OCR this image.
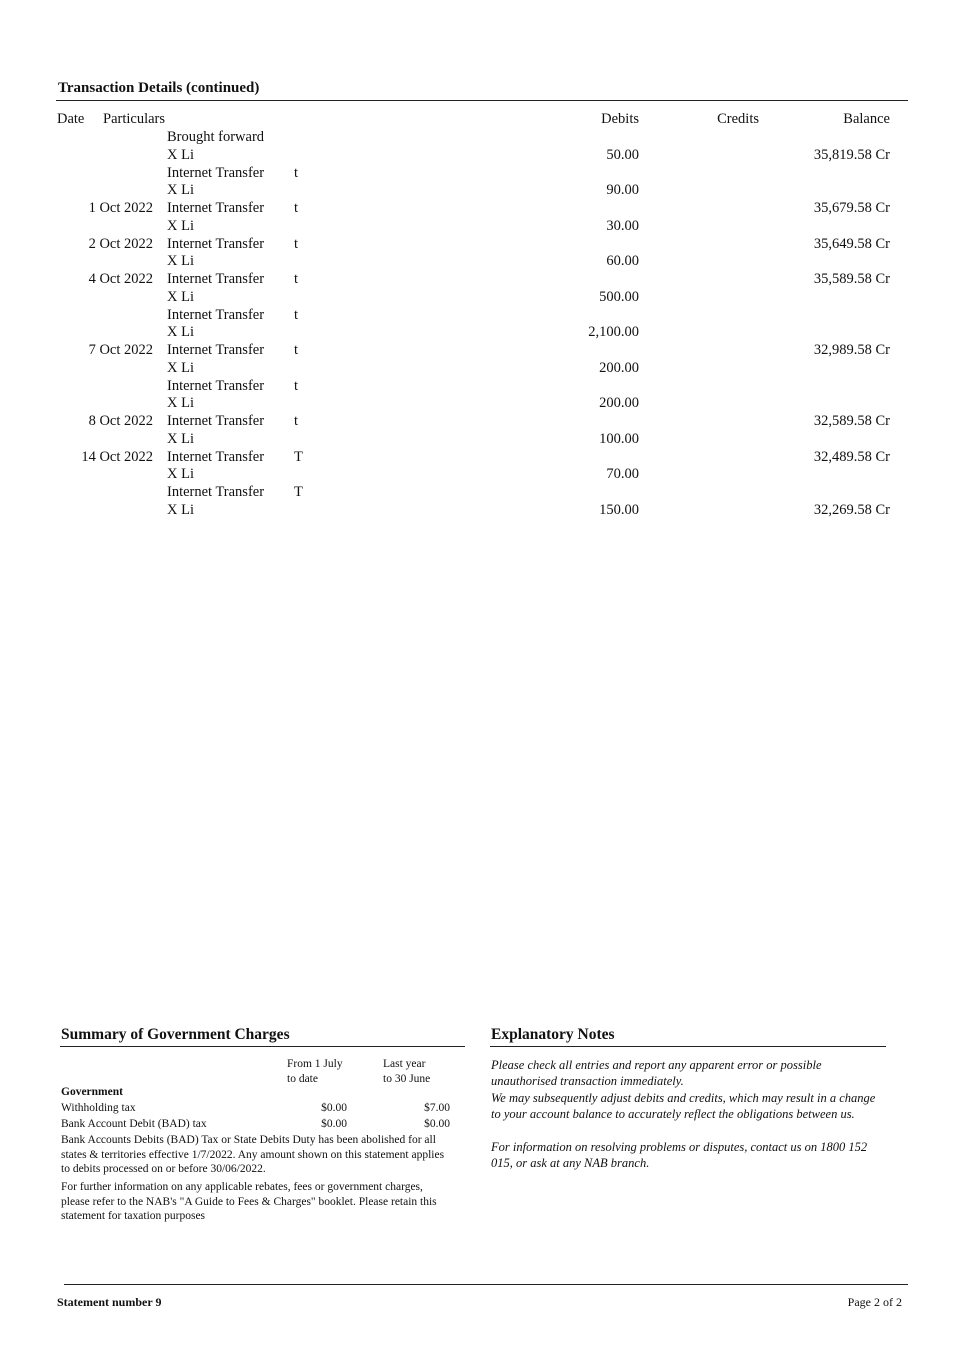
Transaction Details (continued)
Date Particulars	Debits	Credits	Balance
Brought forward
X Li	50.00	35,819.58 Cr
Internet Transfer t
X Li	90.00
1 Oct 2022 Internet Transfer t	35,679.58 Cr
X Li	30.00
2 Oct 2022 Internet Transfer t	35,649.58 Cr
X Li	60.00
4 Oct 2022 Internet Transfer t	35,589.58 Cr
X Li	500.00
Internet Transfer t
X Li	2,100.00
7 Oct 2022 Internet Transfer t	32,989.58 Cr
X Li	200.00
Internet Transfer t
X Li	200.00
8 Oct 2022 Internet Transfer t	32,589.58 Cr
X Li	100.00
14 Oct 2022 Internet Transfer T	32,489.58 Cr
X Li	70.00
Internet Transfer T
X Li	150.00	32,269.58 Cr
Summary of Government Charges
From 1 July
to date
Last year
to 30 June
Government
Withholding tax	$0.00	$7.00
Bank Account Debit (BAD) tax	$0.00	$0.00
Bank Accounts Debits (BAD) Tax or State Debits Duty has been abolished for all states & territories effective 1/7/2022. Any amount shown on this statement applies to debits processed on or before 30/06/2022.
For further information on any applicable rebates, fees or government charges, please refer to the NAB's "A Guide to Fees & Charges" booklet. Please retain this statement for taxation purposes
Explanatory Notes
Please check all entries and report any apparent error or possible unauthorised transaction immediately.
We may subsequently adjust debits and credits, which may result in a change to your account balance to accurately reflect the obligations between us.
For information on resolving problems or disputes, contact us on 1800 152 015, or ask at any NAB branch.
Statement number 9	Page 2 of 2
